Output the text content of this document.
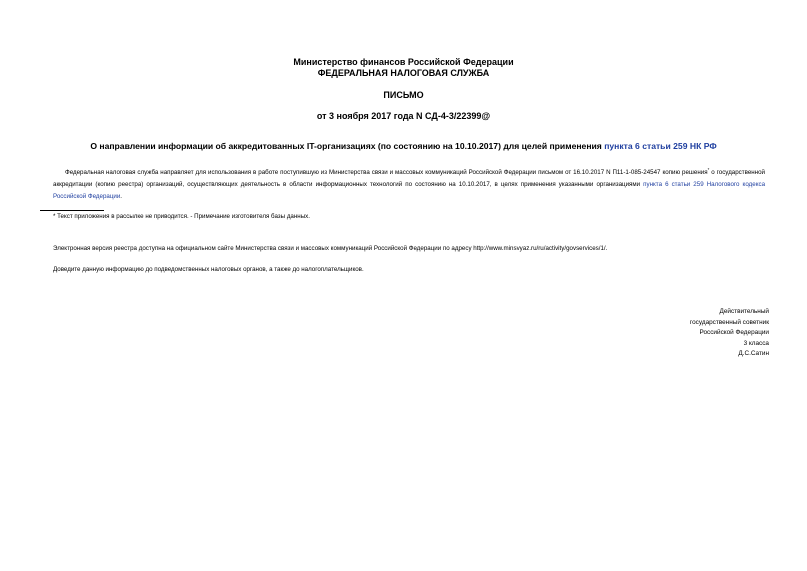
Министерство финансов Российской Федерации
ФЕДЕРАЛЬНАЯ НАЛОГОВАЯ СЛУЖБА
ПИСЬМО
от 3 ноября 2017 года N СД-4-3/22399@
О направлении информации об аккредитованных IT-организациях (по состоянию на 10.10.2017) для целей применения пункта 6 статьи 259 НК РФ
Федеральная налоговая служба направляет для использования в работе поступившую из Министерства связи и массовых коммуникаций Российской Федерации письмом от 16.10.2017 N П11-1-085-24547 копию решения* о государственной аккредитации (копию реестра) организаций, осуществляющих деятельность в области информационных технологий по состоянию на 10.10.2017, в целях применения указанными организациями пункта 6 статьи 259 Налогового кодекса Российской Федерации.
* Текст приложения в рассылке не приводится. - Примечание изготовителя базы данных.
Электронная версия реестра доступна на официальном сайте Министерства связи и массовых коммуникаций Российской Федерации по адресу http://www.minsvyaz.ru/ru/activity/govservices/1/.
Доведите данную информацию до подведомственных налоговых органов, а также до налогоплательщиков.
Действительный
государственный советник
Российской Федерации
3 класса
Д.С.Сатин
